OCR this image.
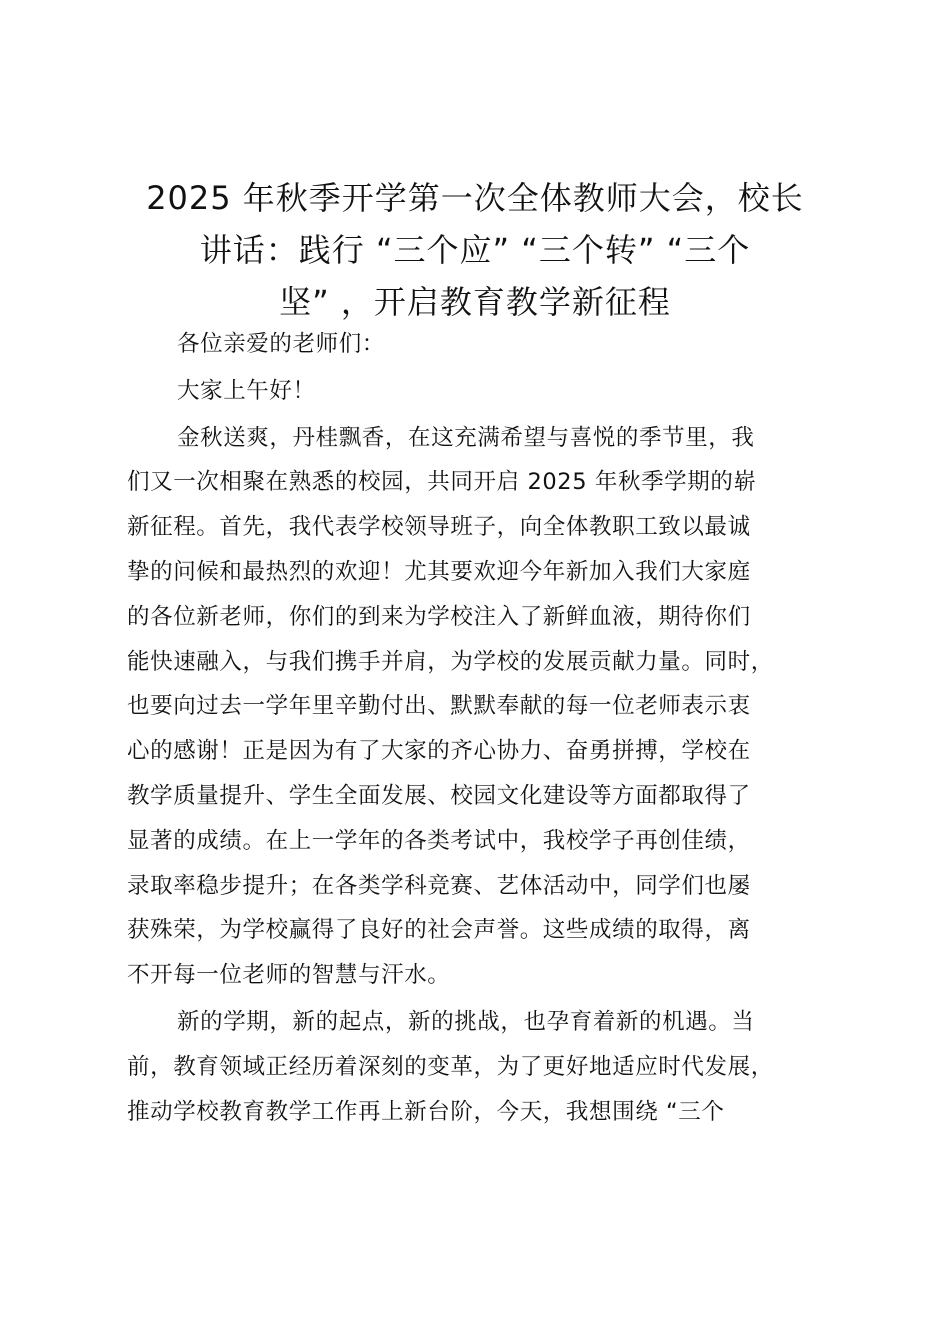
2025 年秋季开学第一次全体教师大会，校长
讲话：践行 “三个应” “三个转” “三个
坚” ，开启教育教学新征程

各位亲爱的老师们：

大家上午好！

金秋送爽，丹桂飘香，在这充满希望与喜悦的季节里，我
们又一次相聚在熟悉的校园，共同开启 2025 年秋季学期的崭
新征程。首先，我代表学校领导班子，向全体教职工致以最诚
挚的问候和最热烈的欢迎！尤其要欢迎今年新加入我们大家庭
的各位新老师，你们的到来为学校注入了新鲜血液，期待你们
能快速融入，与我们携手并肩，为学校的发展贡献力量。同时，
也要向过去一学年里辛勤付出、默默奉献的每一位老师表示衷
心的感谢！正是因为有了大家的齐心协力、奋勇拼搏，学校在
教学质量提升、学生全面发展、校园文化建设等方面都取得了
显著的成绩。在上一学年的各类考试中，我校学子再创佳绩，
录取率稳步提升；在各类学科竞赛、艺体活动中，同学们也屡
获殊荣，为学校赢得了良好的社会声誉。这些成绩的取得，离
不开每一位老师的智慧与汗水。

新的学期，新的起点，新的挑战，也孕育着新的机遇。当
前，教育领域正经历着深刻的变革，为了更好地适应时代发展，
推动学校教育教学工作再上新台阶，今天，我想围绕 “三个
